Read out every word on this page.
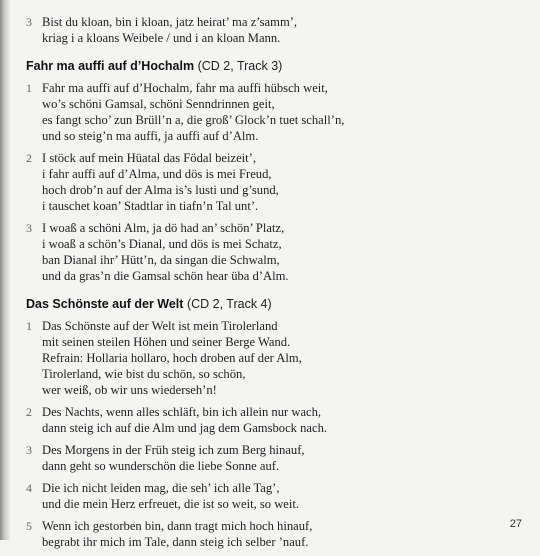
3 Bist du kloan, bin i kloan, jatz heirat’ ma z’samm’,
kriag i a kloans Weibele / und i an kloan Mann.
Fahr ma auffi auf d’Hochalm (CD 2, Track 3)
1 Fahr ma auffi auf d’Hochalm, fahr ma auffi hübsch weit,
wo’s schöni Gamsal, schöni Senndrinnen geit,
es fangt scho’ zun Brüll’n a, die groß’ Glock’n tuet schall’n,
und so steig’n ma auffi, ja auffi auf d’Alm.
2 I stöck auf mein Hüatal das Födal beizeit’,
i fahr auffi auf d’Alma, und dös is mei Freud,
hoch drob’n auf der Alma is’s lusti und g’sund,
i tauschet koan’ Stadtlar in tiafn’n Tal unt’.
3 I woaß a schöni Alm, ja dö had an’ schön’ Platz,
i woaß a schön’s Dianal, und dös is mei Schatz,
ban Dianal ihr’ Hütt’n, da singan die Schwalm,
und da gras’n die Gamsal schön hear üba d’Alm.
Das Schönste auf der Welt (CD 2, Track 4)
1 Das Schönste auf der Welt ist mein Tirolerland
mit seinen steilen Höhen und seiner Berge Wand.
Refrain: Hollaria hollaro, hoch droben auf der Alm,
Tirolerland, wie bist du schön, so schön,
wer weiß, ob wir uns wiederseh’n!
2 Des Nachts, wenn alles schläft, bin ich allein nur wach,
dann steig ich auf die Alm und jag dem Gamsbock nach.
3 Des Morgens in der Früh steig ich zum Berg hinauf,
dann geht so wunderschön die liebe Sonne auf.
4 Die ich nicht leiden mag, die seh’ ich alle Tag’,
und die mein Herz erfreuet, die ist so weit, so weit.
5 Wenn ich gestorben bin, dann tragt mich hoch hinauf,
begrabt ihr mich im Tale, dann steig ich selber ’nauf.
27
